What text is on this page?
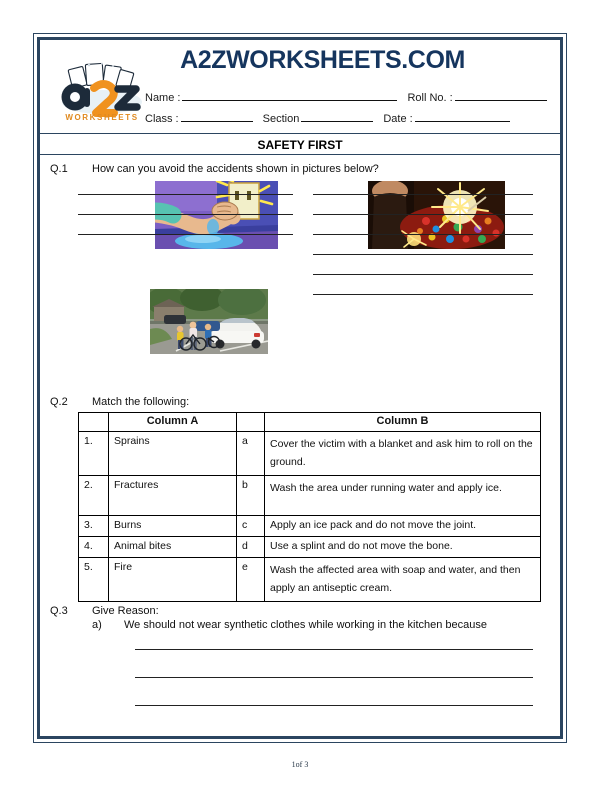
A2ZWORKSHEETS.COM
WORKSHEETS
Name :	Roll No. :
Class :	Section	Date :
SAFETY FIRST
Q.1	How can you avoid the accidents shown in pictures below?
Q.2	Match the following:
	Column A		Column B
1.	Sprains	a	Cover the victim with a blanket and ask him to roll on the ground.
2.	Fractures	b	Wash the area under running water and apply ice.
3.	Burns	c	Apply an ice pack and do not move the joint.
4.	Animal bites	d	Use a splint and do not move the bone.
5.	Fire	e	Wash the affected area with soap and water, and then apply an antiseptic cream.
Q.3	Give Reason:
a)	We should not wear synthetic clothes while working in the kitchen because
1of 3
